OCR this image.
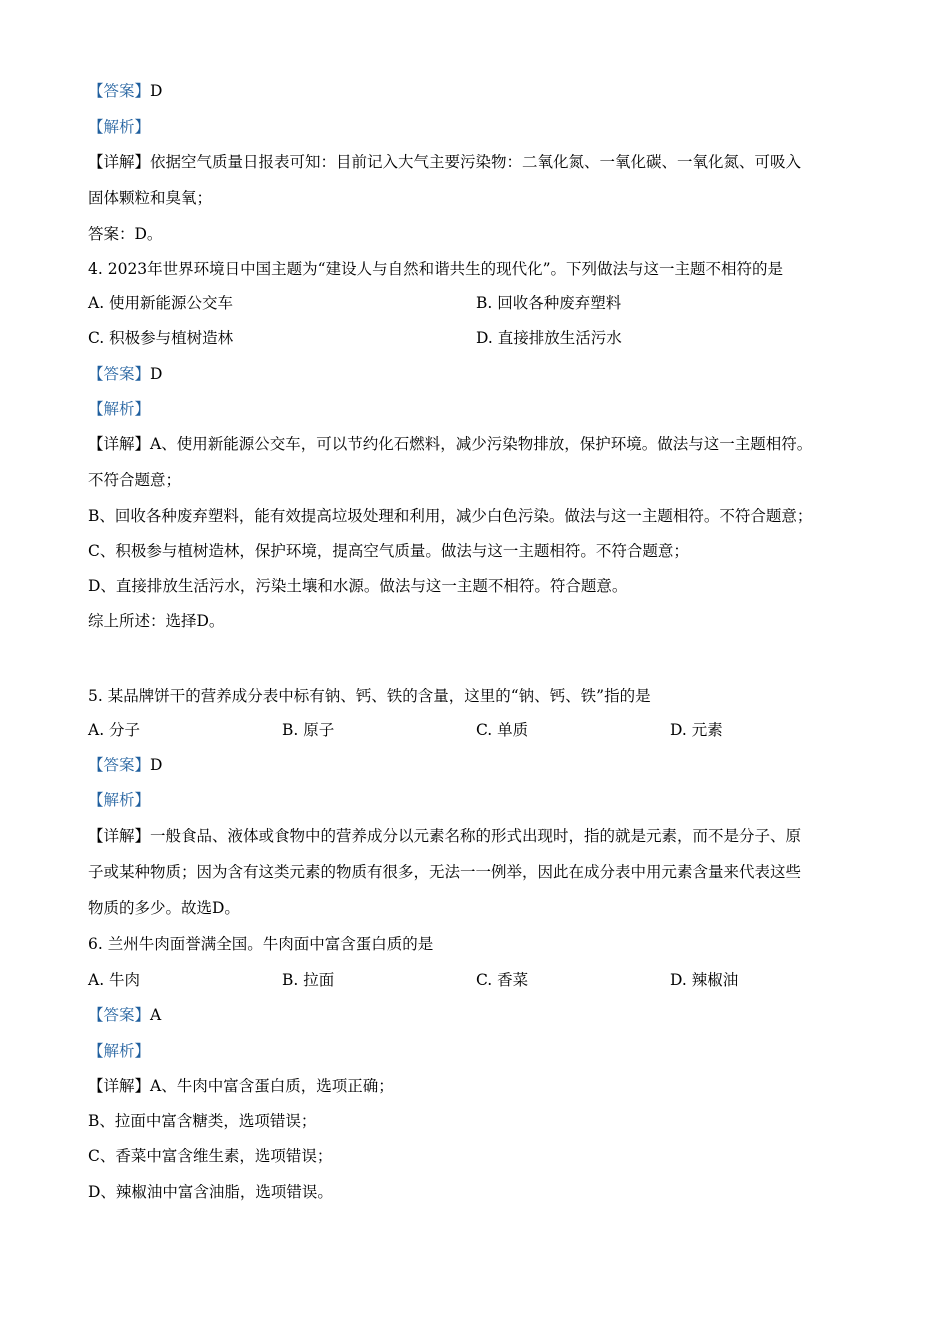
【答案】D
【解析】
【详解】依据空气质量日报表可知：目前记入大气主要污染物：二氧化氮、一氧化碳、一氧化氮、可吸入
固体颗粒和臭氧；
答案：D。
4. 2023年世界环境日中国主题为“建设人与自然和谐共生的现代化”。下列做法与这一主题不相符的是
A. 使用新能源公交车	B. 回收各种废弃塑料
C. 积极参与植树造林	D. 直接排放生活污水
【答案】D
【解析】
【详解】A、使用新能源公交车，可以节约化石燃料，减少污染物排放，保护环境。做法与这一主题相符。
不符合题意；
B、回收各种废弃塑料，能有效提高垃圾处理和利用，减少白色污染。做法与这一主题相符。不符合题意；
C、积极参与植树造林，保护环境，提高空气质量。做法与这一主题相符。不符合题意；
D、直接排放生活污水，污染土壤和水源。做法与这一主题不相符。符合题意。
综上所述：选择D。
5. 某品牌饼干的营养成分表中标有钠、钙、铁的含量，这里的“钠、钙、铁”指的是
A. 分子	B. 原子	C. 单质	D. 元素
【答案】D
【解析】
【详解】一般食品、液体或食物中的营养成分以元素名称的形式出现时，指的就是元素，而不是分子、原
子或某种物质；因为含有这类元素的物质有很多，无法一一例举，因此在成分表中用元素含量来代表这些
物质的多少。故选D。
6. 兰州牛肉面誉满全国。牛肉面中富含蛋白质的是
A. 牛肉	B. 拉面	C. 香菜	D. 辣椒油
【答案】A
【解析】
【详解】A、牛肉中富含蛋白质，选项正确；
B、拉面中富含糖类，选项错误；
C、香菜中富含维生素，选项错误；
D、辣椒油中富含油脂，选项错误。
